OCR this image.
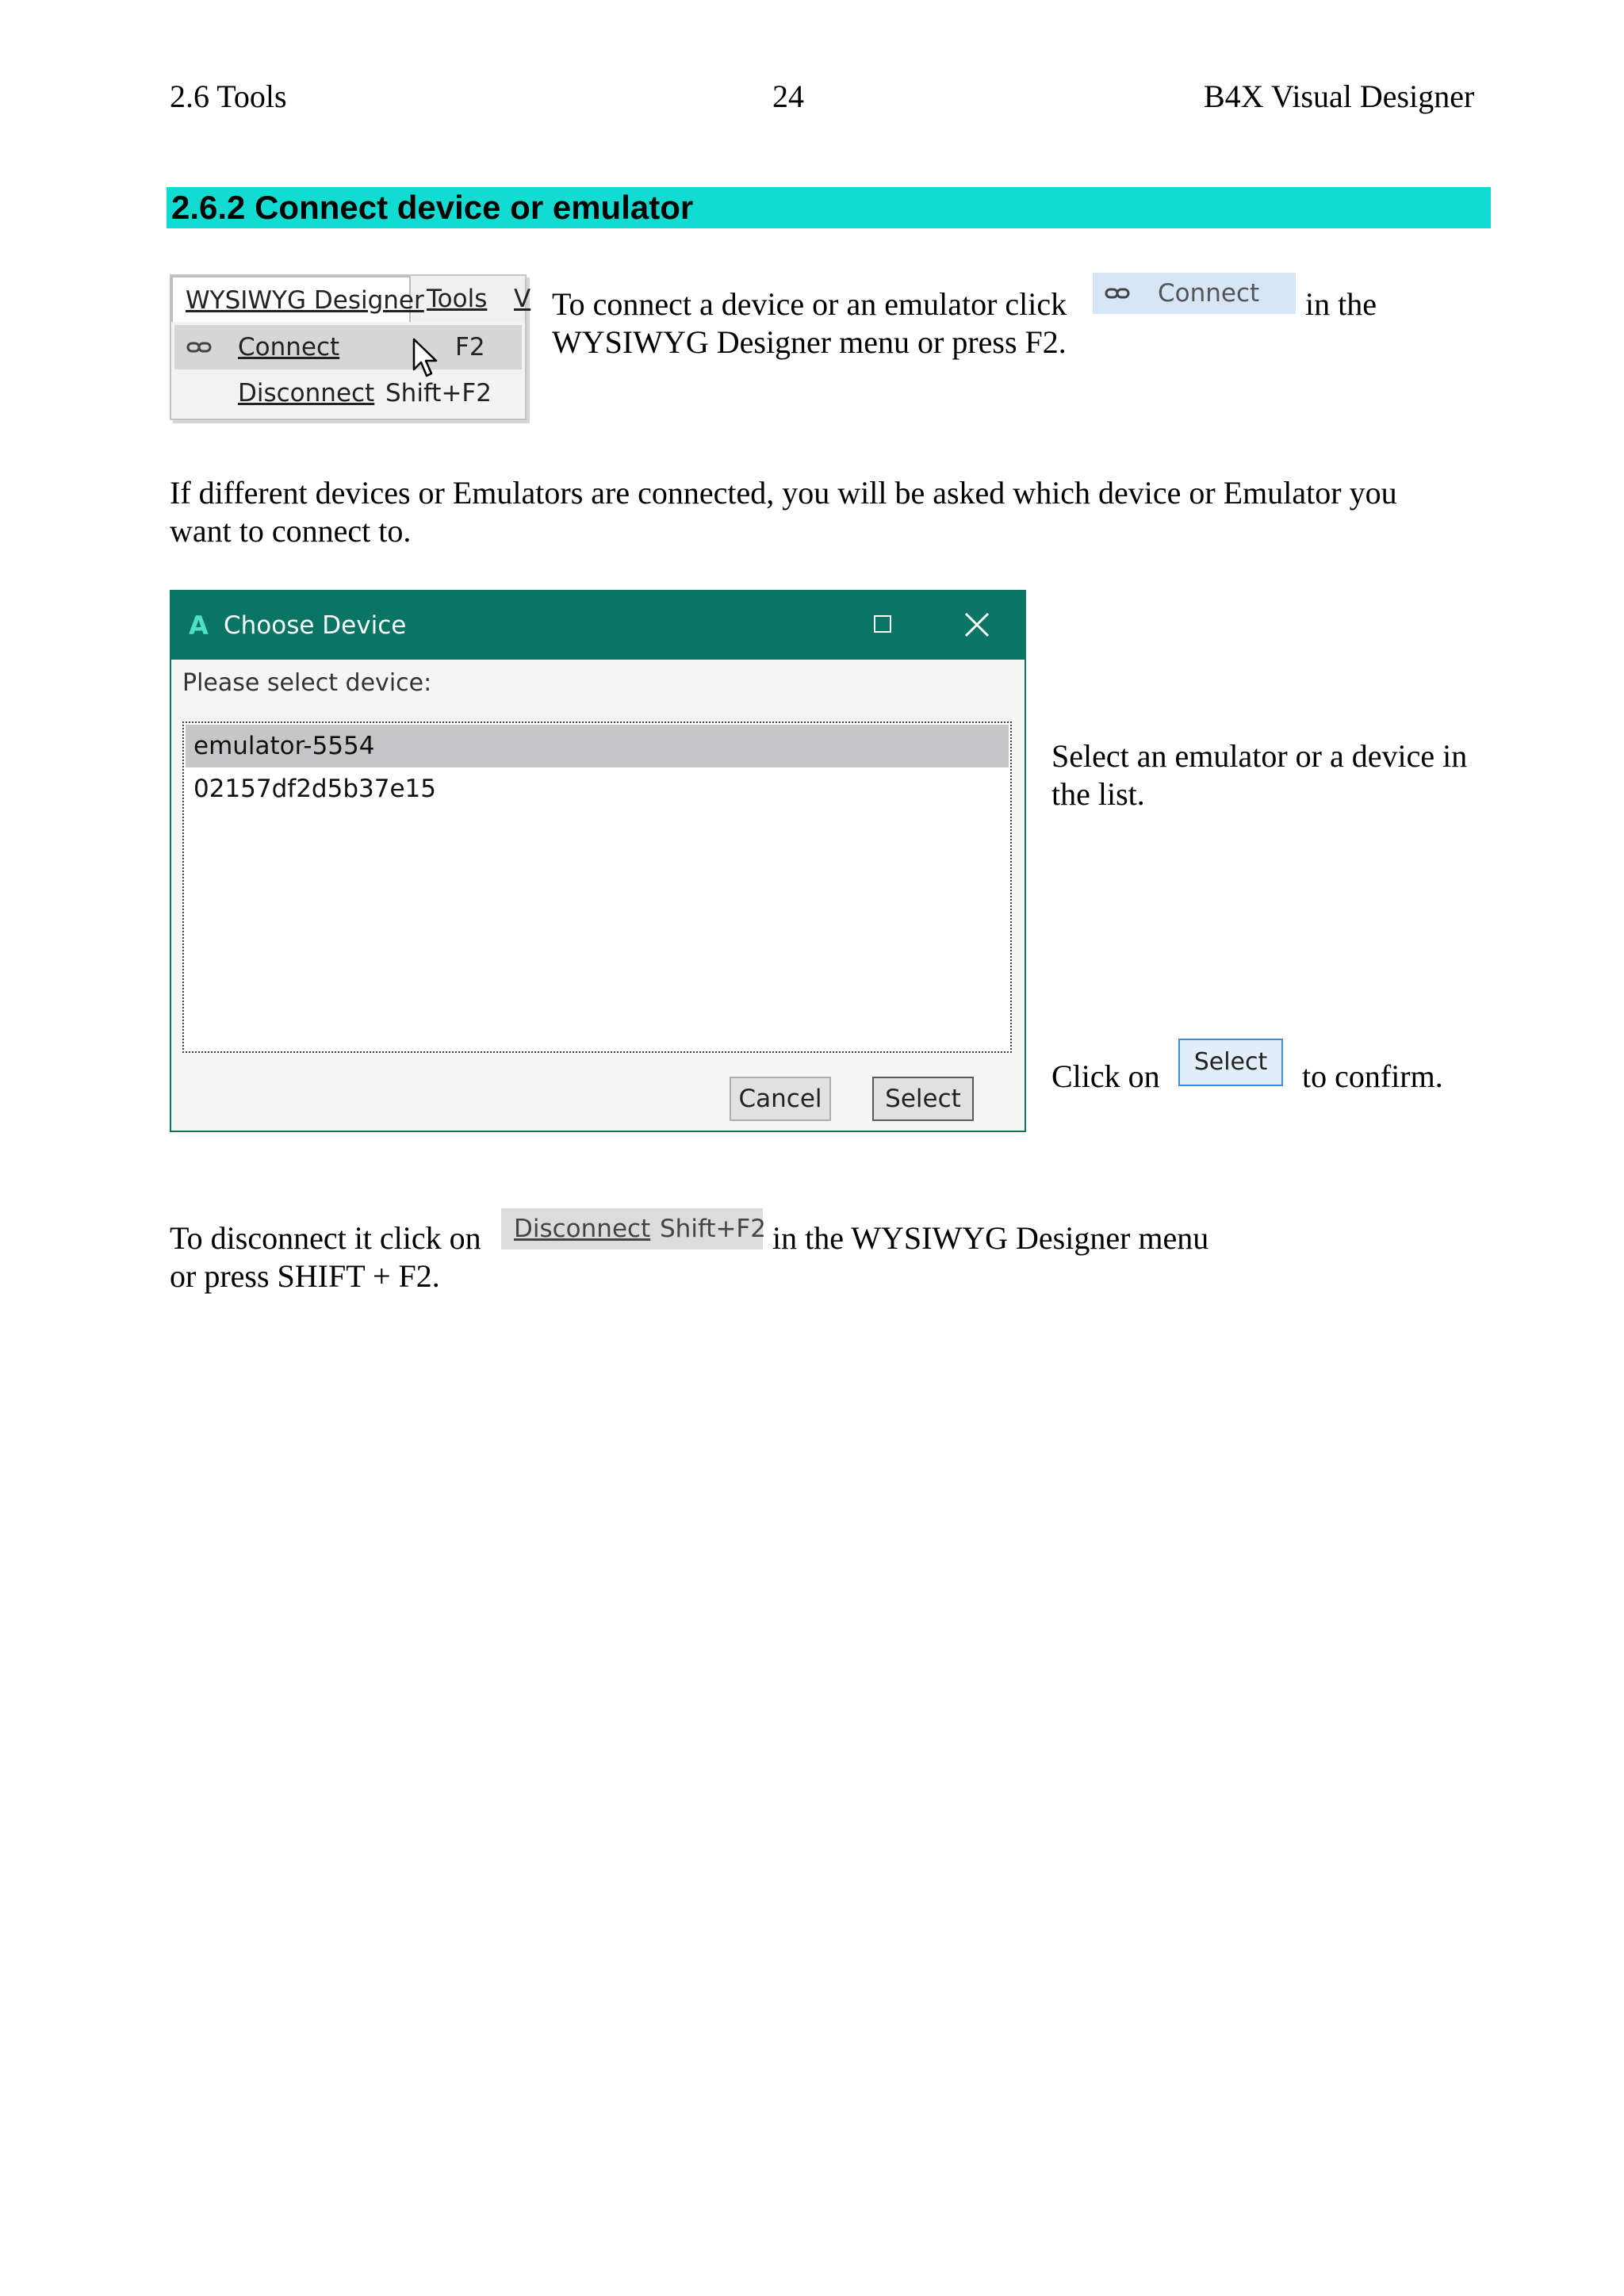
2.6 Tools	24	B4X Visual Designer
2.6.2 Connect device or emulator
WYSIWYG Designer Tools V
Connect	F2
Disconnect Shift+F2
To connect a device or an emulator click	Connect in the
WYSIWYG Designer menu or press F2.
If different devices or Emulators are connected, you will be asked which device or Emulator you
want to connect to.
A Choose Device
Please select device:
emulator-5554
02157df2d5b37e15
Cancel	Select
Select an emulator or a device in
the list.
Click on	Select	to confirm.
To disconnect it click on Disconnect Shift+F2 in the WYSIWYG Designer menu
or press SHIFT + F2.
